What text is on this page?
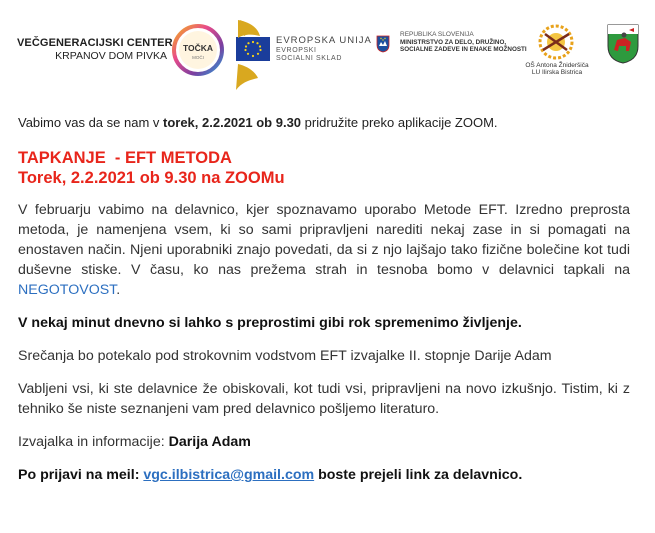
VEČGENERACIJSKI CENTER
KRPANOV DOM PIVKA
TOČKA
MOČI
EVROPSKA UNIJA
EVROPSKI
SOCIALNI SKLAD
REPUBLIKA SLOVENIJA
MINISTRSTVO ZA DELO, DRUŽINO,
SOCIALNE ZADEVE IN ENAKE MOŽNOSTI
OŠ Antona Žnideršiča
LU Ilirska Bistrica

Vabimo vas da se nam v torek, 2.2.2021 ob 9.30 pridružite preko aplikacije ZOOM.

TAPKANJE  - EFT METODA
Torek, 2.2.2021 ob 9.30 na ZOOMu
V februarju vabimo na delavnico, kjer spoznavamo uporabo Metode EFT. Izredno preprosta metoda, je namenjena vsem, ki so sami pripravljeni narediti nekaj zase in si pomagati na enostaven način. Njeni uporabniki znajo povedati, da si z njo lajšajo tako fizične bolečine kot tudi duševne stiske. V času, ko nas prežema strah in tesnoba bomo v delavnici tapkali na NEGOTOVOST.
V nekaj minut dnevno si lahko s preprostimi gibi rok spremenimo življenje.
Srečanja bo potekalo pod strokovnim vodstvom EFT izvajalke II. stopnje Darije Adam
Vabljeni vsi, ki ste delavnice že obiskovali, kot tudi vsi, pripravljeni na novo izkušnjo. Tistim, ki z tehniko še niste seznanjeni vam pred delavnico pošljemo literaturo.
Izvajalka in informacije: Darija Adam
Po prijavi na meil: vgc.ilbistrica@gmail.com boste prejeli link za delavnico.
